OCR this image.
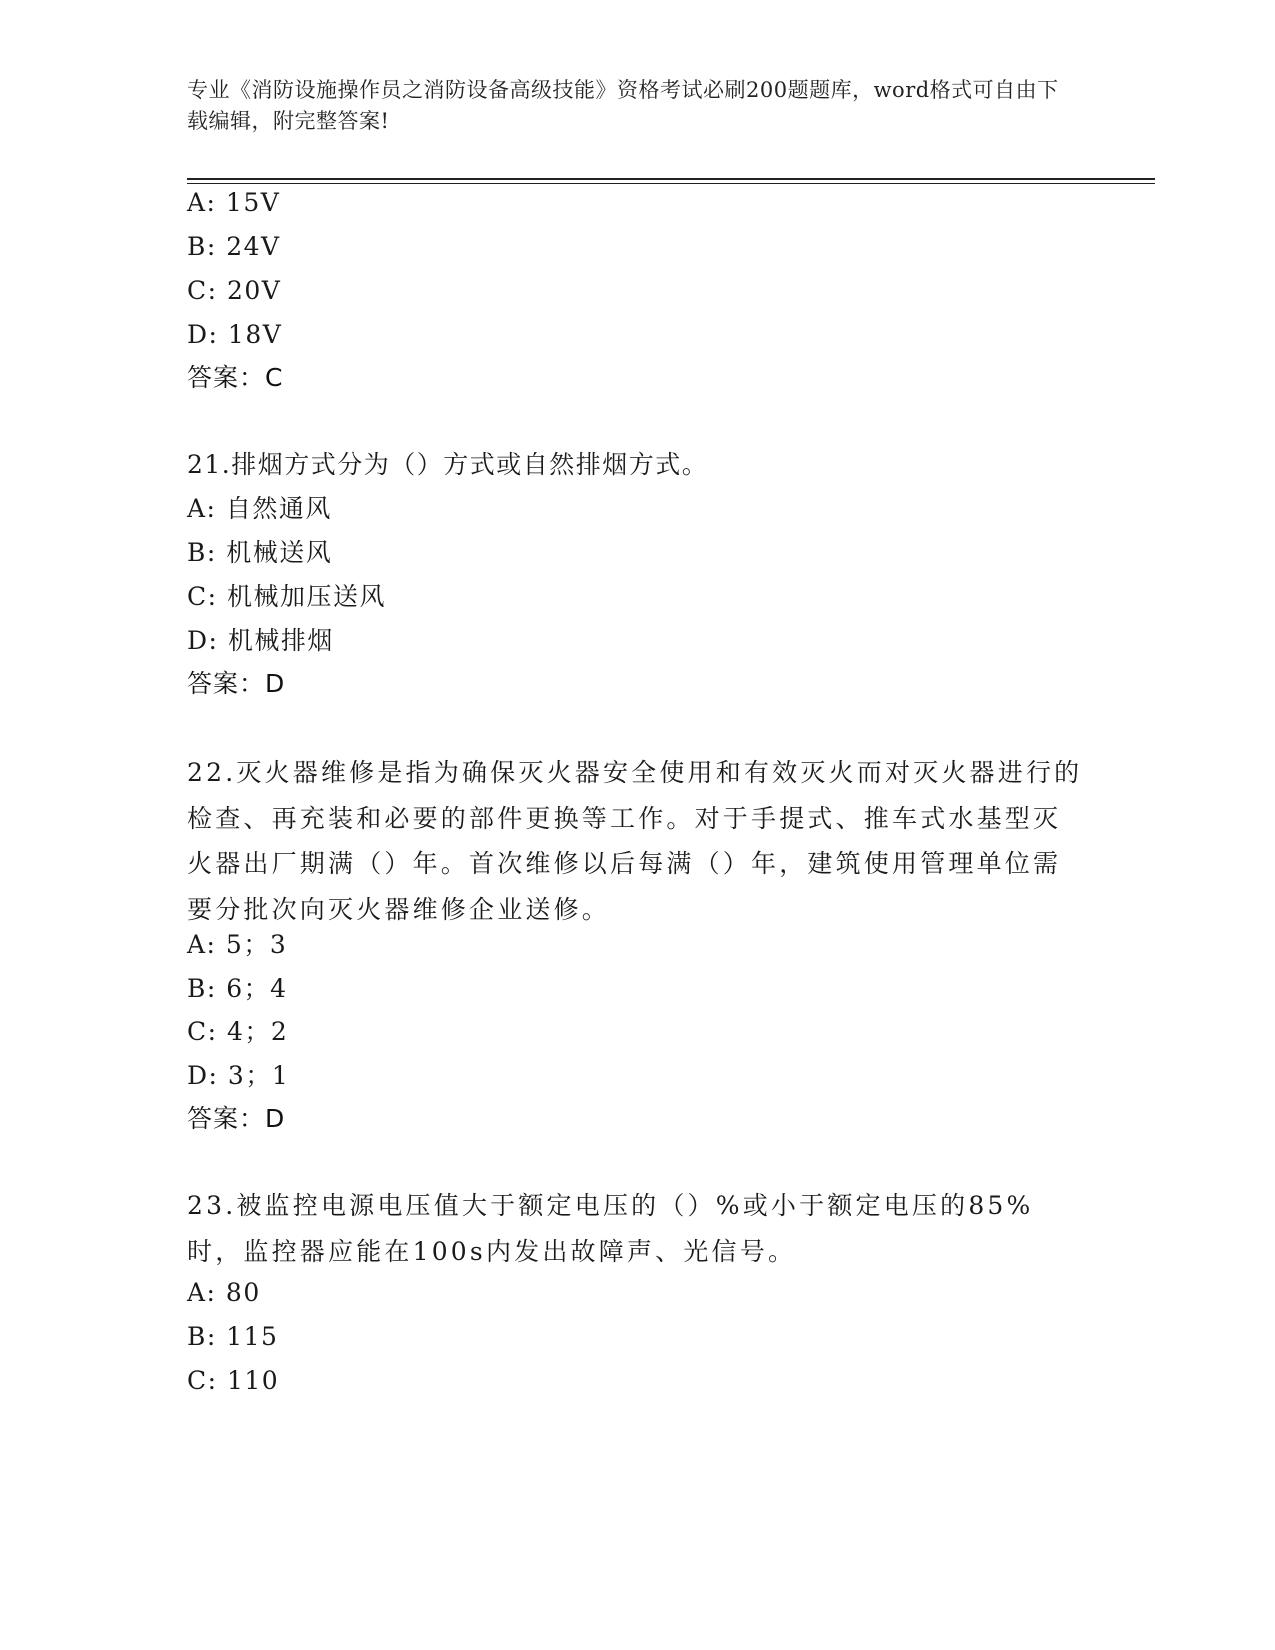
专业《消防设施操作员之消防设备高级技能》资格考试必刷200题题库，word格式可自由下载编辑，附完整答案!
A: 15V
B: 24V
C: 20V
D: 18V
答案：C
21.排烟方式分为（）方式或自然排烟方式。
A: 自然通风
B: 机械送风
C: 机械加压送风
D: 机械排烟
答案：D
22.灭火器维修是指为确保灭火器安全使用和有效灭火而对灭火器进行的检查、再充装和必要的部件更换等工作。对于手提式、推车式水基型灭火器出厂期满（）年。首次维修以后每满（）年，建筑使用管理单位需要分批次向灭火器维修企业送修。
A: 5；3
B: 6；4
C: 4；2
D: 3；1
答案：D
23.被监控电源电压值大于额定电压的（）%或小于额定电压的85%时，监控器应能在100s内发出故障声、光信号。
A: 80
B: 115
C: 110
